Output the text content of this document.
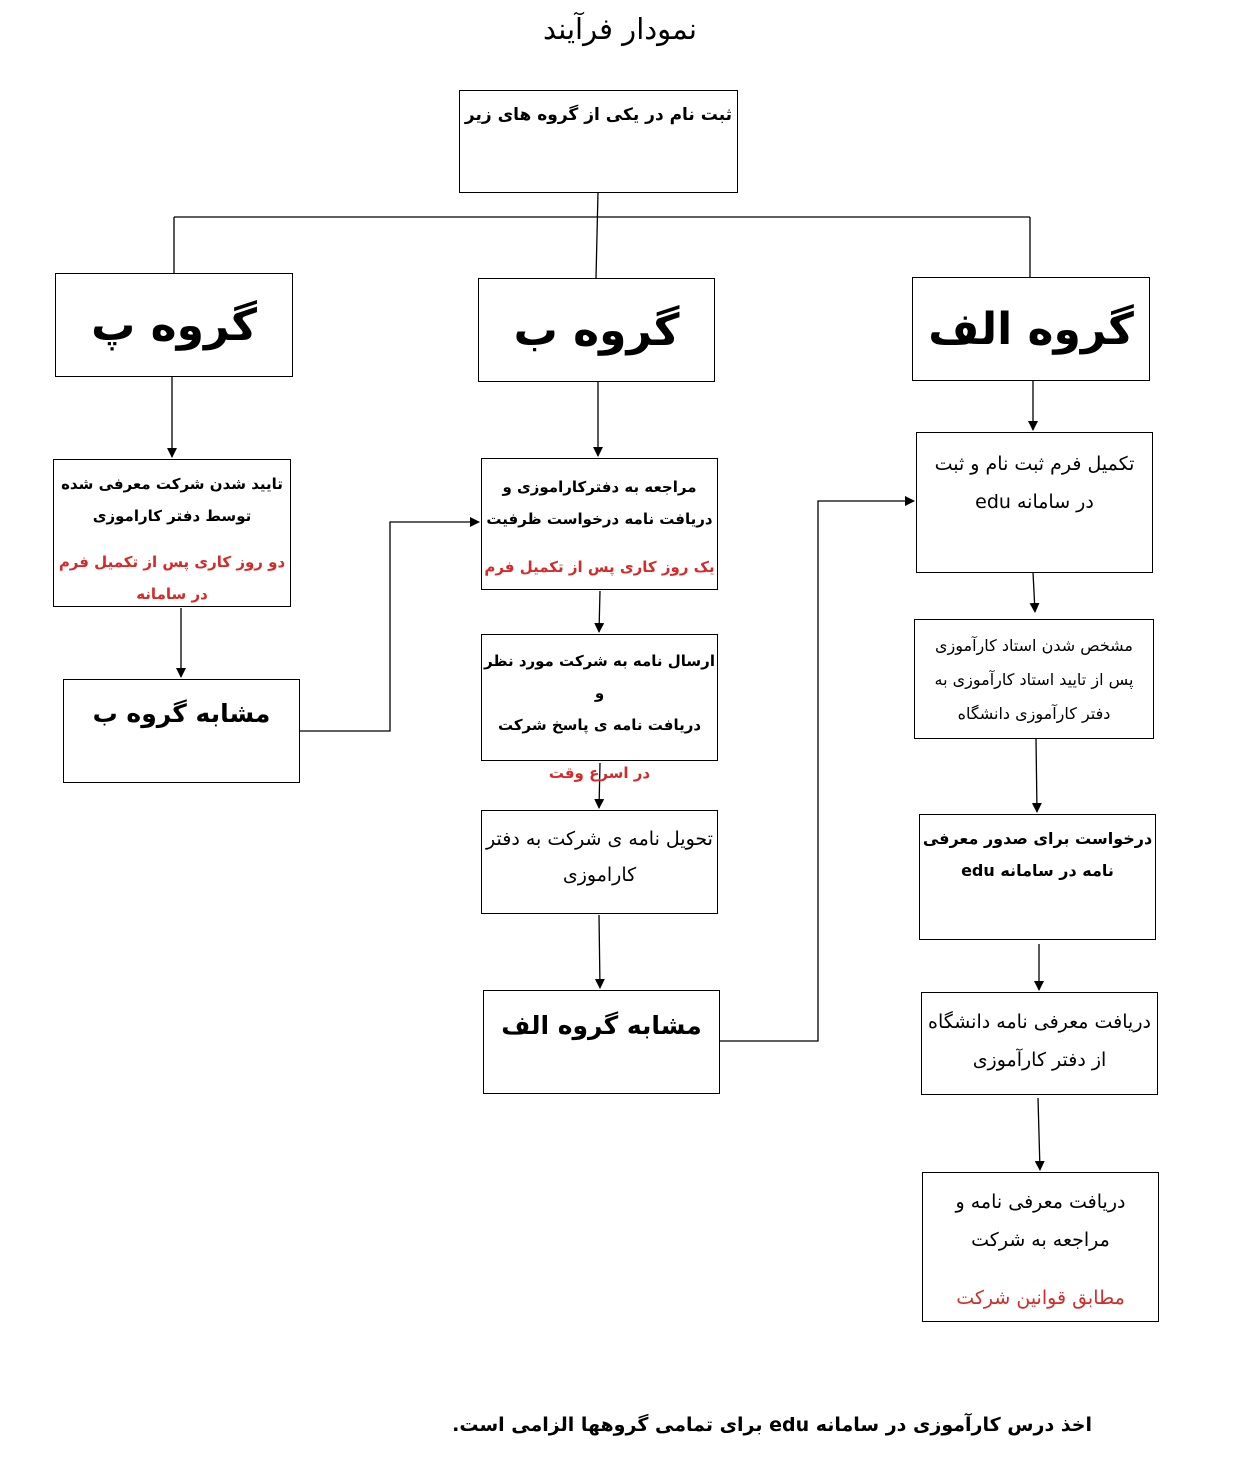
نمودار فرآیند
ثبت نام در یکی از گروه های زیر
گروه پ	گروه ب	گروه الف
تکمیل فرم ثبت نام و ثبت
در سامانه edu
مشخص شدن استاد کارآموزی
پس از تایید استاد کارآموزی به
دفتر کارآموزی دانشگاه
درخواست برای صدور معرفی
نامه در سامانه edu
دریافت معرفی نامه دانشگاه
از دفتر کارآموزی
دریافت معرفی نامه و
مراجعه به شرکت
مطابق قوانین شرکت
مراجعه به دفترکاراموزی و
دریافت نامه درخواست ظرفیت
یک روز کاری پس از تکمیل فرم
ارسال نامه به شرکت مورد نظر و
دریافت نامه ی پاسخ شرکت
در اسرع وقت
تحویل نامه ی شرکت به دفتر
کاراموزی
مشابه گروه الف
تایید شدن شرکت معرفی شده
توسط دفتر کاراموزی
دو روز کاری پس از تکمیل فرم
در سامانه
مشابه گروه ب
اخذ درس کارآموزی در سامانه edu برای تمامی گروهها الزامی است.
